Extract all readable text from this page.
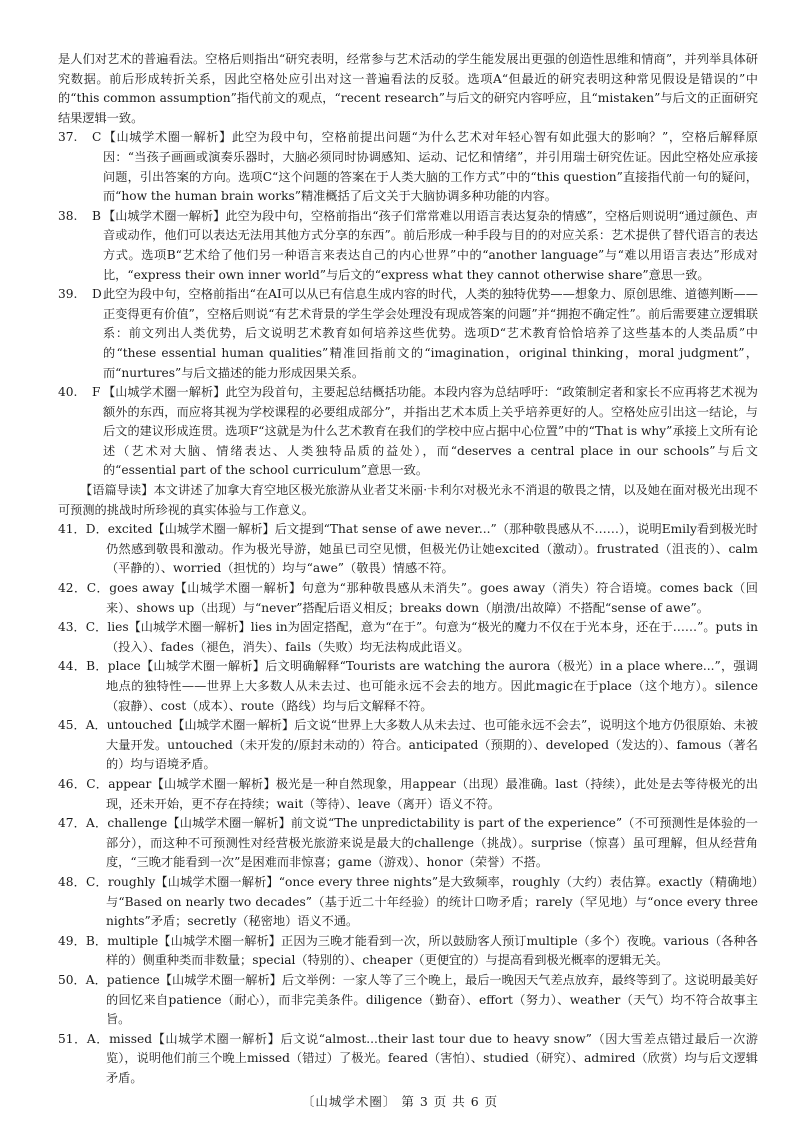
是人们对艺术的普遍看法。空格后则指出“研究表明，经常参与艺术活动的学生能发展出更强的创造性思维和情商”，并列举具体研究数据。前后形成转折关系，因此空格处应引出对这一普遍看法的反驳。选项A“但最近的研究表明这种常见假设是错误的”中的“this common assumption”指代前文的观点，“recent research”与后文的研究内容呼应，且“mistaken”与后文的正面研究结果逻辑一致。

37. C 【山城学术圈一解析】此空为段中句，空格前提出问题“为什么艺术对年轻心智有如此强大的影响？”，空格后解释原因：“当孩子画画或演奏乐器时，大脑必须同时协调感知、运动、记忆和情绪”，并引用瑞士研究佐证。因此空格处应承接问题，引出答案的方向。选项C“这个问题的答案在于人类大脑的工作方式”中的“this question”直接指代前一句的疑问，而“how the human brain works”精准概括了后文关于大脑协调多种功能的内容。

38. B 【山城学术圈一解析】此空为段中句，空格前指出“孩子们常常难以用语言表达复杂的情感”，空格后则说明“通过颜色、声音或动作，他们可以表达无法用其他方式分享的东西”。前后形成一种手段与目的的对应关系：艺术提供了替代语言的表达方式。选项B“艺术给了他们另一种语言来表达自己的内心世界”中的“another language”与“难以用语言表达”形成对比，“express their own inner world”与后文的“express what they cannot otherwise share”意思一致。

39. D此空为段中句，空格前指出“在AI可以从已有信息生成内容的时代，人类的独特优势——想象力、原创思维、道德判断——正变得更有价值”，空格后则说“有艺术背景的学生学会处理没有现成答案的问题”并“拥抱不确定性”。前后需要建立逻辑联系：前文列出人类优势，后文说明艺术教育如何培养这些优势。选项D“艺术教育恰恰培养了这些基本的人类品质”中的“these essential human qualities”精准回指前文的“imagination，original thinking，moral judgment”，而“nurtures”与后文描述的能力形成因果关系。

40. F 【山城学术圈一解析】此空为段首句，主要起总结概括功能。本段内容为总结呼吁：“政策制定者和家长不应再将艺术视为额外的东西，而应将其视为学校课程的必要组成部分”，并指出艺术本质上关乎培养更好的人。空格处应引出这一结论，与后文的建议形成连贯。选项F“这就是为什么艺术教育在我们的学校中应占据中心位置”中的“That is why”承接上文所有论述（艺术对大脑、情绪表达、人类独特品质的益处），而“deserves a central place in our schools”与后文的“essential part of the school curriculum”意思一致。

【语篇导读】本文讲述了加拿大育空地区极光旅游从业者艾米丽·卡利尔对极光永不消退的敬畏之情，以及她在面对极光出现不可预测的挑战时所珍视的真实体验与工作意义。

41．D．excited【山城学术圈一解析】后文提到“That sense of awe never...”（那种敬畏感从不……），说明Emily看到极光时仍然感到敬畏和激动。作为极光导游，她虽已司空见惯，但极光仍让她excited（激动）。frustrated（沮丧的）、calm（平静的）、worried（担忧的）均与“awe”（敬畏）情感不符。

42．C．goes away【山城学术圈一解析】句意为“那种敬畏感从未消失”。goes away（消失）符合语境。comes back（回来）、shows up（出现）与“never”搭配后语义相反；breaks down（崩溃/出故障）不搭配“sense of awe”。

43．C．lies【山城学术圈一解析】lies in为固定搭配，意为“在于”。句意为“极光的魔力不仅在于光本身，还在于……”。puts in（投入）、fades（褪色，消失）、fails（失败）均无法构成此语义。

44．B．place【山城学术圈一解析】后文明确解释“Tourists are watching the aurora（极光）in a place where...”，强调地点的独特性——世界上大多数人从未去过、也可能永远不会去的地方。因此magic在于place（这个地方）。silence（寂静）、cost（成本）、route（路线）均与后文解释不符。

45．A．untouched【山城学术圈一解析】后文说“世界上大多数人从未去过、也可能永远不会去”，说明这个地方仍很原始、未被大量开发。untouched（未开发的/原封未动的）符合。anticipated（预期的）、developed（发达的）、famous（著名的）均与语境矛盾。

46．C．appear【山城学术圈一解析】极光是一种自然现象，用appear（出现）最准确。last（持续），此处是去等待极光的出现，还未开始，更不存在持续；wait（等待）、leave（离开）语义不符。

47．A．challenge【山城学术圈一解析】前文说“The unpredictability is part of the experience”（不可预测性是体验的一部分），而这种不可预测性对经营极光旅游来说是最大的challenge（挑战）。surprise（惊喜）虽可理解，但从经营角度，“三晚才能看到一次”是困难而非惊喜；game（游戏）、honor（荣誉）不搭。

48．C．roughly【山城学术圈一解析】“once every three nights”是大致频率，roughly（大约）表估算。exactly（精确地）与“Based on nearly two decades”（基于近二十年经验）的统计口吻矛盾；rarely（罕见地）与“once every three nights”矛盾；secretly（秘密地）语义不通。

49．B．multiple【山城学术圈一解析】正因为三晚才能看到一次，所以鼓励客人预订multiple（多个）夜晚。various（各种各样的）侧重种类而非数量；special（特别的）、cheaper（更便宜的）与提高看到极光概率的逻辑无关。

50．A．patience【山城学术圈一解析】后文举例：一家人等了三个晚上，最后一晚因天气差点放弃，最终等到了。这说明最美好的回忆来自patience（耐心），而非完美条件。diligence（勤奋）、effort（努力）、weather（天气）均不符合故事主旨。

51．A．missed【山城学术圈一解析】后文说“almost...their last tour due to heavy snow”（因大雪差点错过最后一次游览），说明他们前三个晚上missed（错过）了极光。feared（害怕）、studied（研究）、admired（欣赏）均与后文逻辑矛盾。

〔山城学术圈〕 第 3 页 共 6 页
